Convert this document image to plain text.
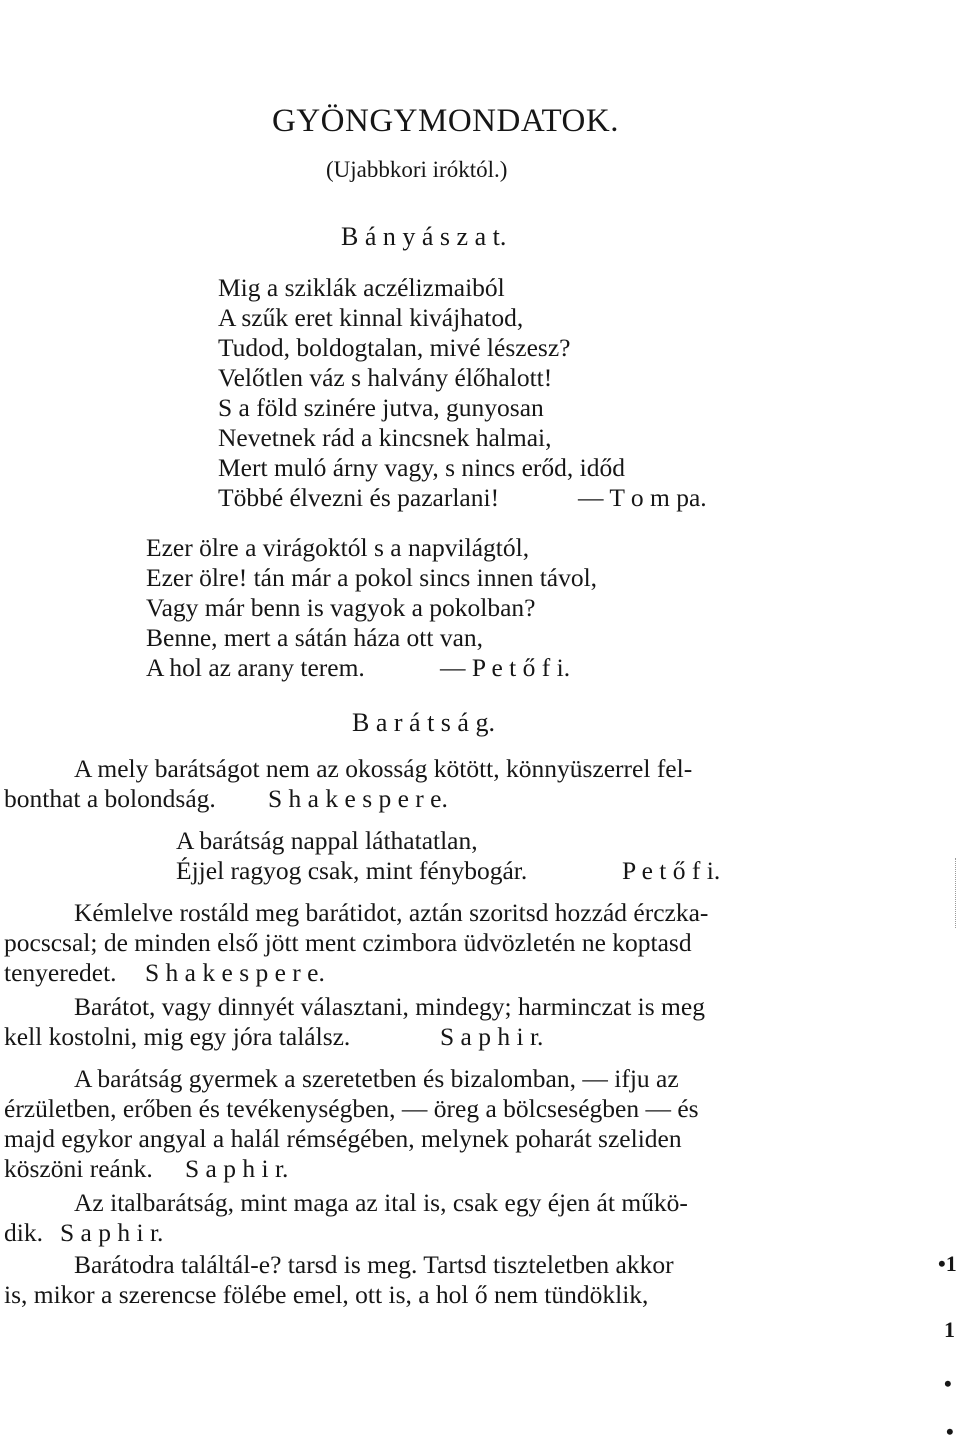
GYÖNGYMONDATOK.
(Ujabbkori iróktól.)
B á n y á s z a t.
Mig a sziklák aczélizmaiból
A szűk eret kinnal kivájhatod,
Tudod, boldogtalan, mivé lészesz?
Velőtlen váz s halvány élőhalott!
S a föld szinére jutva, gunyosan
Nevetnek rád a kincsnek halmai,
Mert muló árny vagy, s nincs erőd, időd
Többé élvezni és pazarlani!	— T o m pa.
Ezer ölre a virágoktól s a napvilágtól,
Ezer ölre! tán már a pokol sincs innen távol,
Vagy már benn is vagyok a pokolban?
Benne, mert a sátán háza ott van,
A hol az arany terem.	— P e t ő f i.
B a r á t s á g.
A mely barátságot nem az okosság kötött, könnyüszerrel fel-
bonthat a bolondság. S h a k e s p e r e.
A barátság nappal láthatatlan,
Éjjel ragyog csak, mint fénybogár.	P e t ő f i.
Kémlelve rostáld meg barátidot, aztán szoritsd hozzád érczka-
pocscsal; de minden első jött ment czimbora üdvözletén ne koptasd
tenyeredet. S h a k e s p e r e.
Barátot, vagy dinnyét választani, mindegy; harminczat is meg
kell kostolni, mig egy jóra találsz.	S a p h i r.
A barátság gyermek a szeretetben és bizalomban, — ifju az
érzületben, erőben és tevékenységben, — öreg a bölcseségben — és
majd egykor angyal a halál rémségében, melynek poharát szeliden
köszöni reánk. S a p h i r.
Az italbarátság, mint maga az ital is, csak egy éjen át műkö-
dik. S a p h i r.
Barátodra találtál-e? tarsd is meg. Tartsd tiszteletben akkor
is, mikor a szerencse fölébe emel, ott is, a hol ő nem tündöklik,
•1
1
•
•
